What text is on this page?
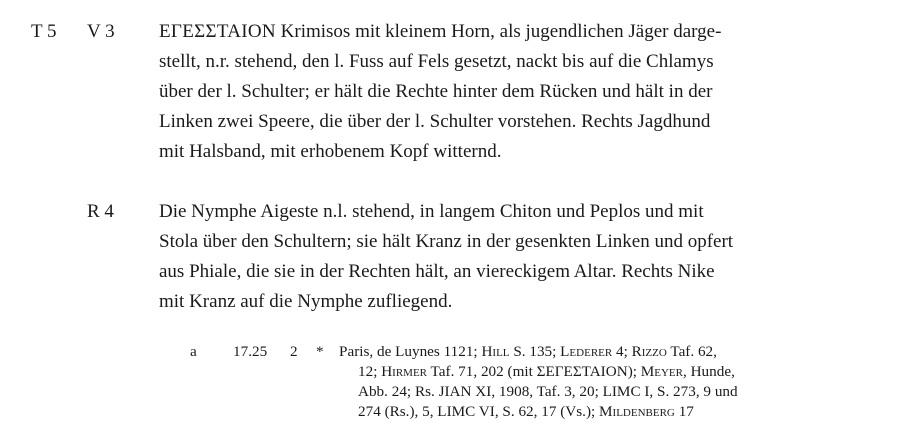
T 5 V 3
R 4
ΕΓΕΣΣΤΑΙΟΝ Krimisos mit kleinem Horn, als jugendlichen Jäger darge-
stellt, n.r. stehend, den l. Fuss auf Fels gesetzt, nackt bis auf die Chlamys
über der l. Schulter; er hält die Rechte hinter dem Rücken und hält in der
Linken zwei Speere, die über der l. Schulter vorstehen. Rechts Jagdhund
mit Halsband, mit erhobenem Kopf witternd.
Die Nymphe Aigeste n.l. stehend, in langem Chiton und Peplos und mit
Stola über den Schultern; sie hält Kranz in der gesenkten Linken und opfert
aus Phiale, die sie in der Rechten hält, an viereckigem Altar. Rechts Nike
mit Kranz auf die Nymphe zufliegend.
a 17.25 2 * Paris, de Luynes 1121; Hill S. 135; Lederer 4; Rizzo Taf. 62,
12; Hirmer Taf. 71, 202 (mit ΣΕΓΕΣΤΑΙΟΝ); Meyer, Hunde,
Abb. 24; Rs. JIAN XI, 1908, Taf. 3, 20; LIMC I, S. 273, 9 und
274 (Rs.), 5, LIMC VI, S. 62, 17 (Vs.); Mildenberg 17
